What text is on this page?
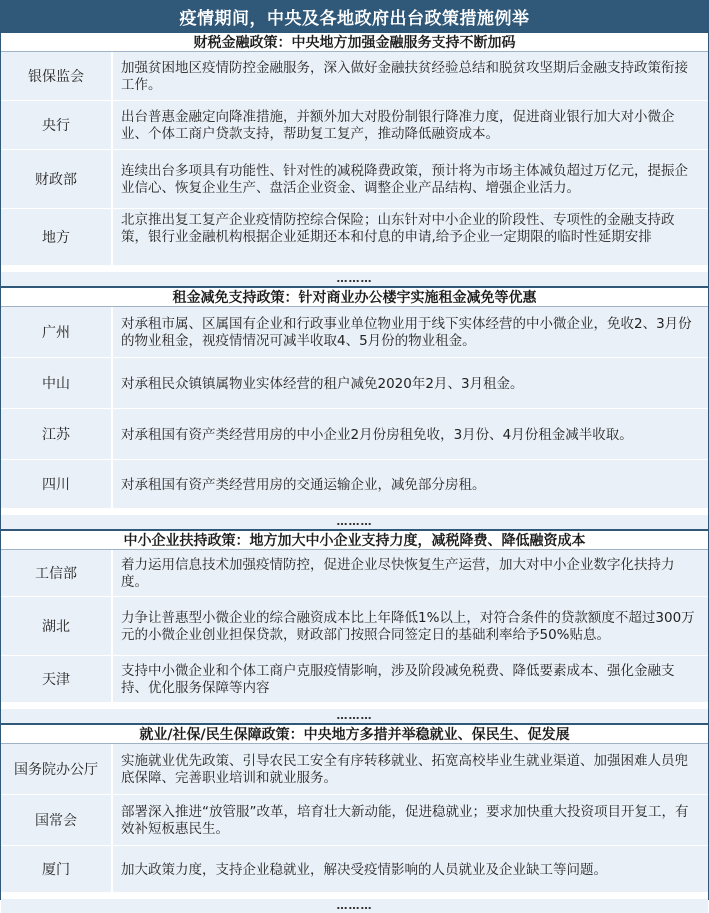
疫情期间，中央及各地政府出台政策措施例举
财税金融政策：中央地方加强金融服务支持不断加码
银保监会
加强贫困地区疫情防控金融服务，深入做好金融扶贫经验总结和脱贫攻坚期后金融支持政策衔接工作。
央行
出台普惠金融定向降准措施，并额外加大对股份制银行降准力度，促进商业银行加大对小微企业、个体工商户贷款支持，帮助复工复产，推动降低融资成本。
财政部
连续出台多项具有功能性、针对性的减税降费政策，预计将为市场主体减负超过万亿元，提振企业信心、恢复企业生产、盘活企业资金、调整企业产品结构、增强企业活力。
地方
北京推出复工复产企业疫情防控综合保险；山东针对中小企业的阶段性、专项性的金融支持政策，银行业金融机构根据企业延期还本和付息的申请,给予企业一定期限的临时性延期安排
………
租金减免支持政策：针对商业办公楼宇实施租金减免等优惠
广州
对承租市属、区属国有企业和行政事业单位物业用于线下实体经营的中小微企业，免收2、3月份的物业租金，视疫情情况可减半收取4、5月份的物业租金。
中山	对承租民众镇镇属物业实体经营的租户减免2020年2月、3月租金。
江苏	对承租国有资产类经营用房的中小企业2月份房租免收，3月份、4月份租金减半收取。
四川	对承租国有资产类经营用房的交通运输企业，减免部分房租。
………
中小企业扶持政策：地方加大中小企业支持力度，减税降费、降低融资成本
工信部
着力运用信息技术加强疫情防控，促进企业尽快恢复生产运营，加大对中小企业数字化扶持力度。
湖北
力争让普惠型小微企业的综合融资成本比上年降低1%以上，对符合条件的贷款额度不超过300万元的小微企业创业担保贷款，财政部门按照合同签定日的基础利率给予50%贴息。
天津
支持中小微企业和个体工商户克服疫情影响，涉及阶段减免税费、降低要素成本、强化金融支持、优化服务保障等内容
………
就业/社保/民生保障政策：中央地方多措并举稳就业、保民生、促发展
国务院办公厅
实施就业优先政策、引导农民工安全有序转移就业、拓宽高校毕业生就业渠道、加强困难人员兜底保障、完善职业培训和就业服务。
国常会
部署深入推进“放管服”改革，培育壮大新动能，促进稳就业；要求加快重大投资项目开复工，有效补短板惠民生。
厦门	加大政策力度，支持企业稳就业，解决受疫情影响的人员就业及企业缺工等问题。
………
